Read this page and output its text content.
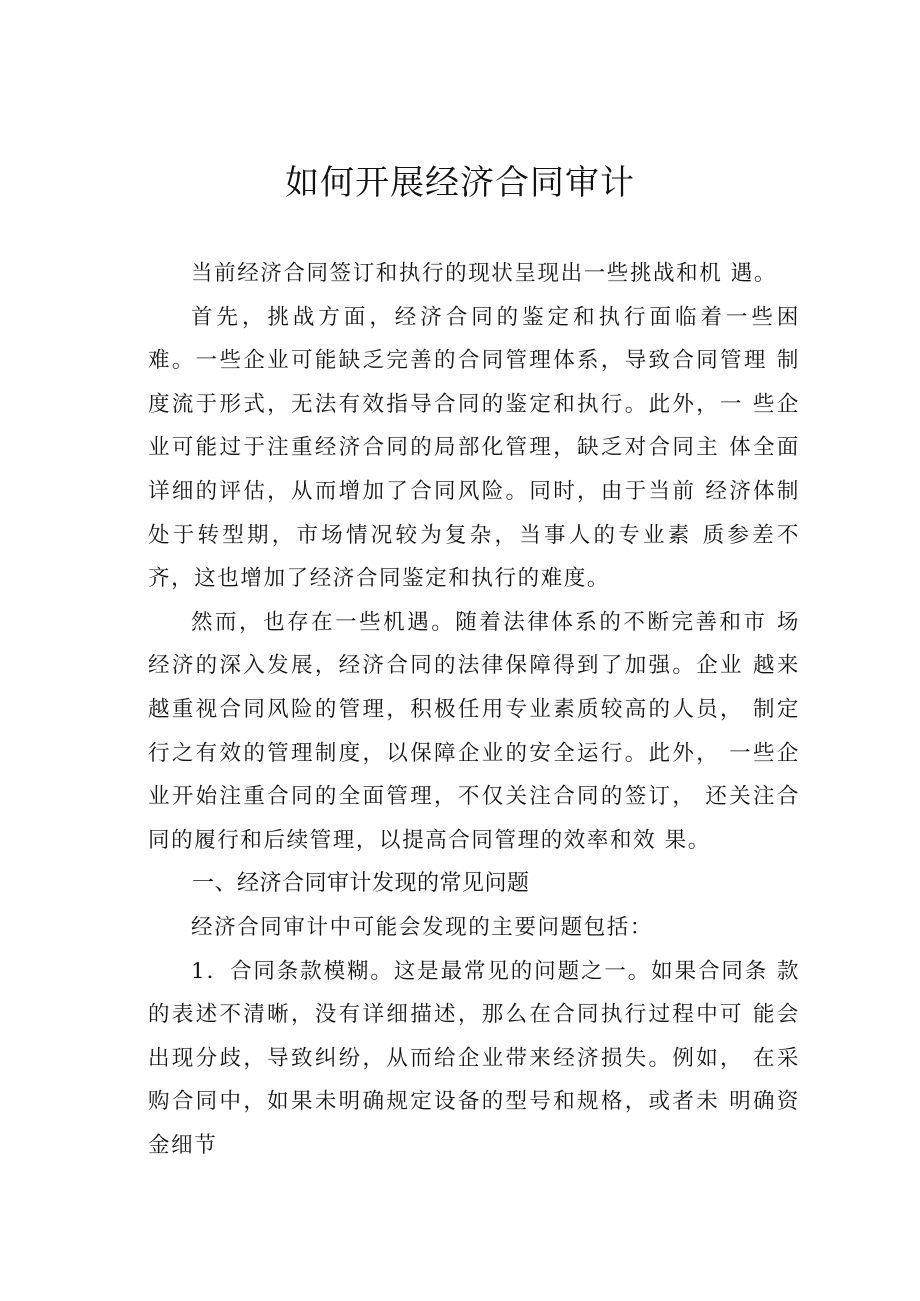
如何开展经济合同审计

当前经济合同签订和执行的现状呈现出一些挑战和机 遇。

首先，挑战方面，经济合同的鉴定和执行面临着一些困 难。一些企业可能缺乏完善的合同管理体系，导致合同管理 制度流于形式，无法有效指导合同的鉴定和执行。此外，一 些企业可能过于注重经济合同的局部化管理，缺乏对合同主 体全面详细的评估，从而增加了合同风险。同时，由于当前 经济体制处于转型期，市场情况较为复杂，当事人的专业素 质参差不齐，这也增加了经济合同鉴定和执行的难度。

然而，也存在一些机遇。随着法律体系的不断完善和市 场经济的深入发展，经济合同的法律保障得到了加强。企业 越来越重视合同风险的管理，积极任用专业素质较高的人员， 制定行之有效的管理制度，以保障企业的安全运行。此外， 一些企业开始注重合同的全面管理，不仅关注合同的签订， 还关注合同的履行和后续管理，以提高合同管理的效率和效 果。

一、经济合同审计发现的常见问题

经济合同审计中可能会发现的主要问题包括：

1．合同条款模糊。这是最常见的问题之一。如果合同条 款的表述不清晰，没有详细描述，那么在合同执行过程中可 能会出现分歧，导致纠纷，从而给企业带来经济损失。例如， 在采购合同中，如果未明确规定设备的型号和规格，或者未 明确资金细节
